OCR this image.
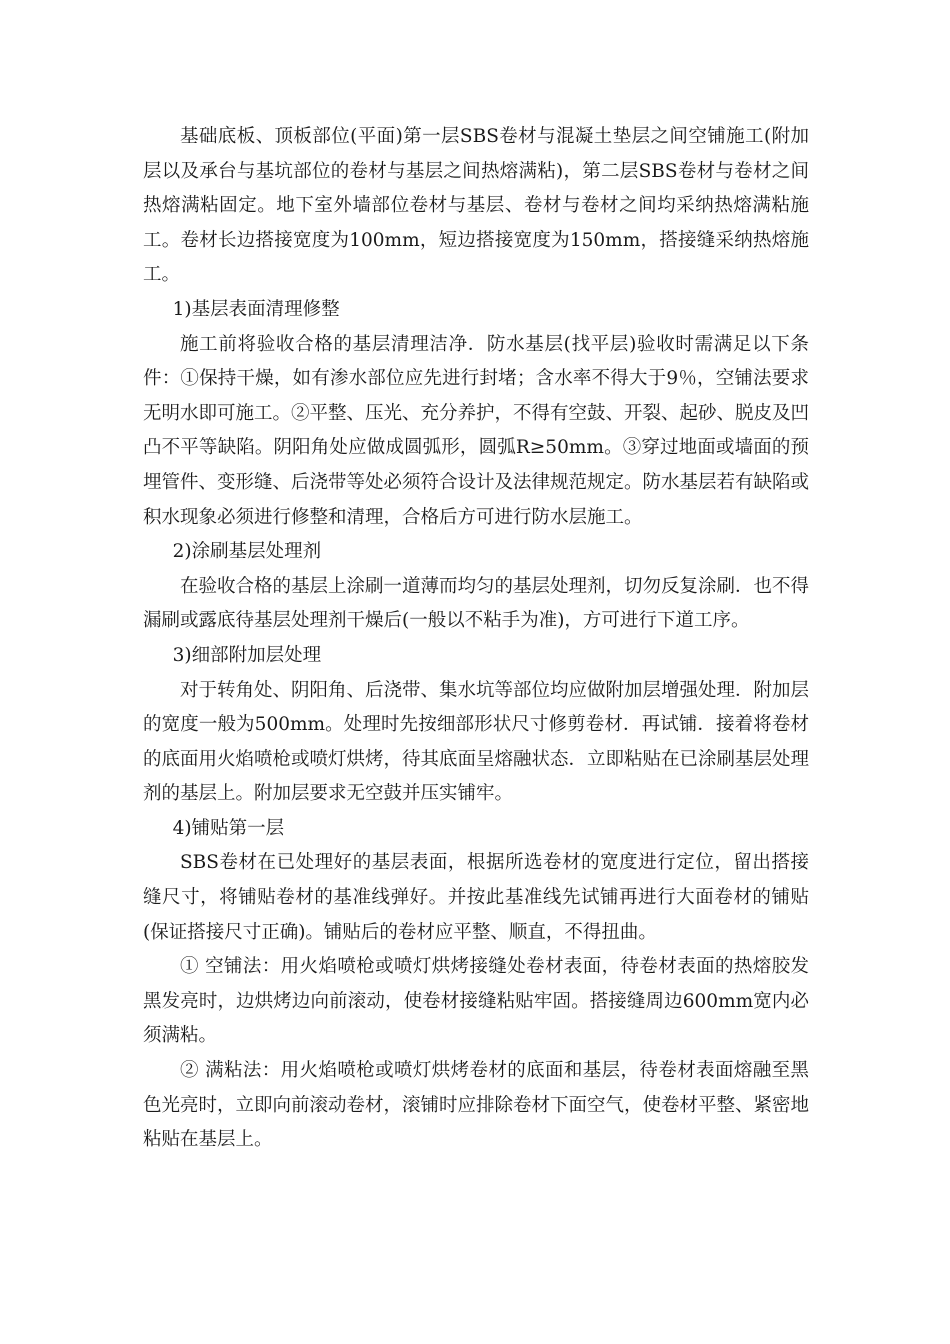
基础底板、顶板部位(平面)第一层SBS卷材与混凝土垫层之间空铺施工(附加层以及承台与基坑部位的卷材与基层之间热熔满粘)，第二层SBS卷材与卷材之间热熔满粘固定。地下室外墙部位卷材与基层、卷材与卷材之间均采纳热熔满粘施工。卷材长边搭接宽度为100mm，短边搭接宽度为150mm，搭接缝采纳热熔施工。

1)基层表面清理修整

施工前将验收合格的基层清理洁净．防水基层(找平层)验收时需满足以下条件：①保持干燥，如有渗水部位应先进行封堵；含水率不得大于9％，空铺法要求无明水即可施工。②平整、压光、充分养护，不得有空鼓、开裂、起砂、脱皮及凹凸不平等缺陷。阴阳角处应做成圆弧形，圆弧R≥50mm。③穿过地面或墙面的预埋管件、变形缝、后浇带等处必须符合设计及法律规范规定。防水基层若有缺陷或积水现象必须进行修整和清理，合格后方可进行防水层施工。

2)涂刷基层处理剂

在验收合格的基层上涂刷一道薄而均匀的基层处理剂，切勿反复涂刷．也不得漏刷或露底待基层处理剂干燥后(一般以不粘手为准)，方可进行下道工序。

3)细部附加层处理

对于转角处、阴阳角、后浇带、集水坑等部位均应做附加层增强处理．附加层的宽度一般为500mm。处理时先按细部形状尺寸修剪卷材．再试铺．接着将卷材的底面用火焰喷枪或喷灯烘烤，待其底面呈熔融状态．立即粘贴在已涂刷基层处理剂的基层上。附加层要求无空鼓并压实铺牢。

4)铺贴第一层

SBS卷材在已处理好的基层表面，根据所选卷材的宽度进行定位，留出搭接缝尺寸，将铺贴卷材的基准线弹好。并按此基准线先试铺再进行大面卷材的铺贴(保证搭接尺寸正确)。铺贴后的卷材应平整、顺直，不得扭曲。

① 空铺法：用火焰喷枪或喷灯烘烤接缝处卷材表面，待卷材表面的热熔胶发黑发亮时，边烘烤边向前滚动，使卷材接缝粘贴牢固。搭接缝周边600mm宽内必须满粘。

② 满粘法：用火焰喷枪或喷灯烘烤卷材的底面和基层，待卷材表面熔融至黑色光亮时，立即向前滚动卷材，滚铺时应排除卷材下面空气，使卷材平整、紧密地粘贴在基层上。
